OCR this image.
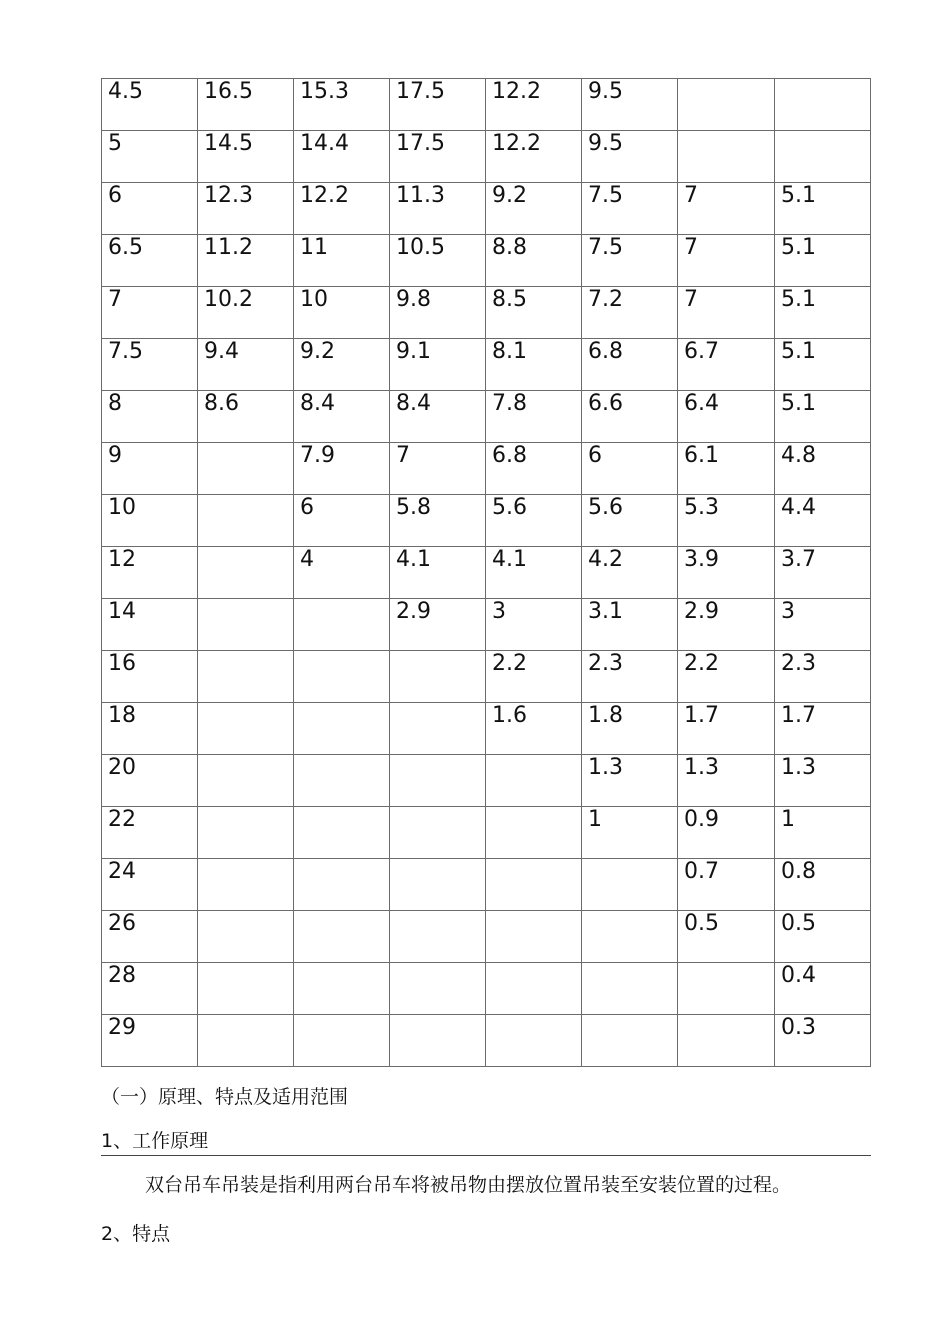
4.5	16.5	15.3	17.5	12.2	9.5		
5	14.5	14.4	17.5	12.2	9.5		
6	12.3	12.2	11.3	9.2	7.5	7	5.1
6.5	11.2	11	10.5	8.8	7.5	7	5.1
7	10.2	10	9.8	8.5	7.2	7	5.1
7.5	9.4	9.2	9.1	8.1	6.8	6.7	5.1
8	8.6	8.4	8.4	7.8	6.6	6.4	5.1
9		7.9	7	6.8	6	6.1	4.8
10		6	5.8	5.6	5.6	5.3	4.4
12		4	4.1	4.1	4.2	3.9	3.7
14			2.9	3	3.1	2.9	3
16				2.2	2.3	2.2	2.3
18				1.6	1.8	1.7	1.7
20					1.3	1.3	1.3
22					1	0.9	1
24						0.7	0.8
26						0.5	0.5
28							0.4
29							0.3
（一）原理、特点及适用范围
1、工作原理
双台吊车吊装是指利用两台吊车将被吊物由摆放位置吊装至安装位置的过程。
2、特点
